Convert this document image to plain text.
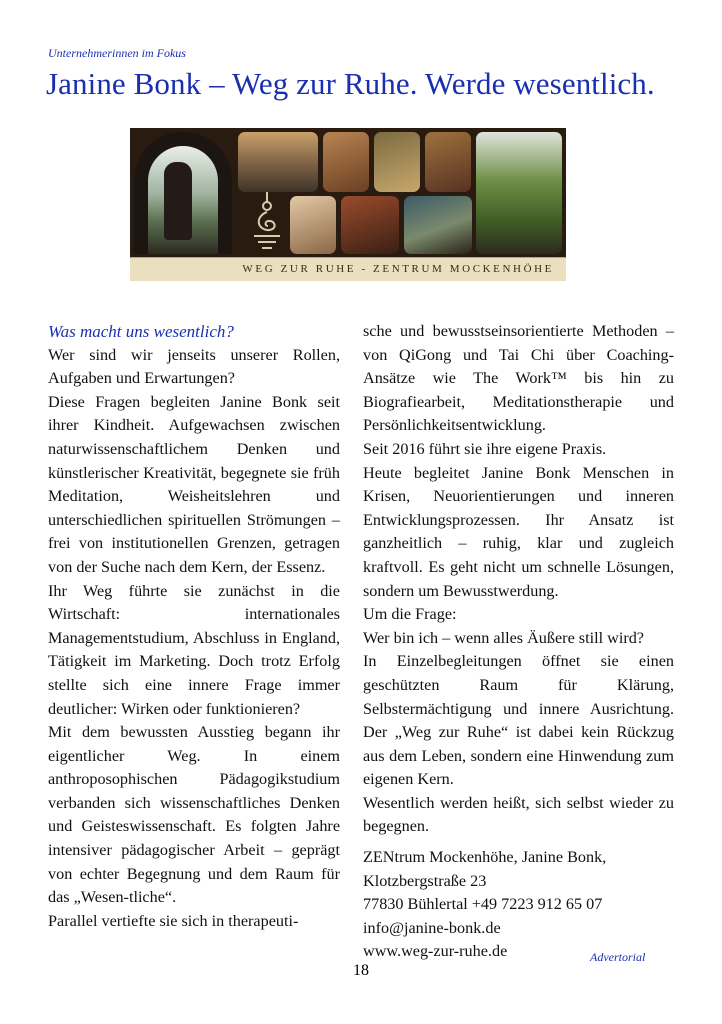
Unternehmerinnen im Fokus
Janine Bonk – Weg zur Ruhe. Werde wesentlich.
WEG ZUR RUHE - ZENTRUM MOCKENHÖHE

Was macht uns wesentlich?

Wer sind wir jenseits unserer Rollen, Aufgaben und Erwartungen?

Diese Fragen begleiten Janine Bonk seit ihrer Kindheit. Aufgewachsen zwischen naturwissenschaftlichem Denken und künstlerischer Kreativität, begegnete sie früh Meditation, Weisheitslehren und unterschiedlichen spirituellen Strömungen – frei von institutionellen Grenzen, getragen von der Suche nach dem Kern, der Essenz.

Ihr Weg führte sie zunächst in die Wirtschaft: internationales Managementstudium, Abschluss in England, Tätigkeit im Marketing. Doch trotz Erfolg stellte sich eine innere Frage immer deutlicher: Wirken oder funktionieren?

Mit dem bewussten Ausstieg begann ihr eigentlicher Weg. In einem anthroposophischen Pädagogikstudium verbanden sich wissenschaftliches Denken und Geisteswissenschaft. Es folgten Jahre intensiver pädagogischer Arbeit – geprägt von echter Begegnung und dem Raum für das „Wesen-tliche“.

Parallel vertiefte sie sich in therapeuti-

sche und bewusstseinsorientierte Methoden – von QiGong und Tai Chi über Coaching-Ansätze wie The Work™ bis hin zu Biografiearbeit, Meditationstherapie und Persönlichkeitsentwicklung.

Seit 2016 führt sie ihre eigene Praxis.

Heute begleitet Janine Bonk Menschen in Krisen, Neuorientierungen und inneren Entwicklungsprozessen. Ihr Ansatz ist ganzheitlich – ruhig, klar und zugleich kraftvoll. Es geht nicht um schnelle Lösungen, sondern um Bewusstwerdung.

Um die Frage:

Wer bin ich – wenn alles Äußere still wird?

In Einzelbegleitungen öffnet sie einen geschützten Raum für Klärung, Selbstermächtigung und innere Ausrichtung. Der „Weg zur Ruhe“ ist dabei kein Rückzug aus dem Leben, sondern eine Hinwendung zum eigenen Kern.

Wesentlich werden heißt, sich selbst wieder zu begegnen.

ZENtrum Mockenhöhe, Janine Bonk,

Klotzbergstraße 23

77830 Bühlertal +49 7223 912 65 07

info@janine-bonk.de

www.weg-zur-ruhe.de	Advertorial
18
